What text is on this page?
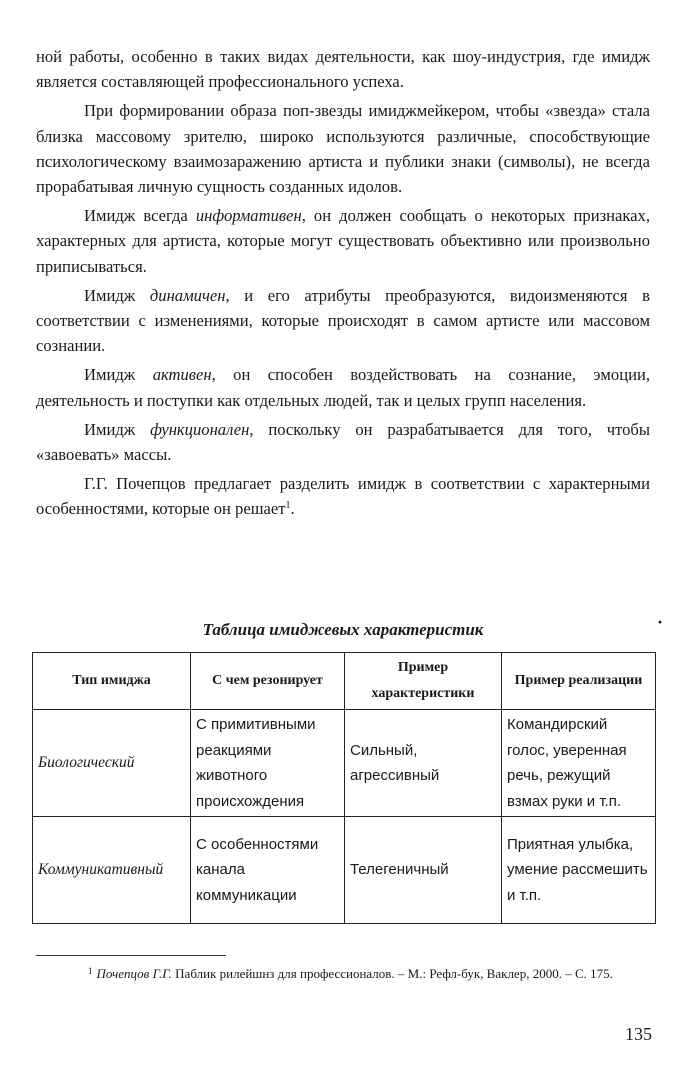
ной работы, особенно в таких видах деятельности, как шоу-индустрия, где имидж является составляющей профессионального успеха.

При формировании образа поп-звезды имиджмейкером, чтобы «звезда» стала близка массовому зрителю, широко используются различные, способствующие психологическому взаимозаражению артиста и публики знаки (символы), не всегда прорабатывая личную сущность созданных идолов.

Имидж всегда информативен, он должен сообщать о некоторых признаках, характерных для артиста, которые могут существовать объективно или произвольно приписываться.

Имидж динамичен, и его атрибуты преобразуются, видоизменяются в соответствии с изменениями, которые происходят в самом артисте или массовом сознании.

Имидж активен, он способен воздействовать на сознание, эмоции, деятельность и поступки как отдельных людей, так и целых групп населения.

Имидж функционален, поскольку он разрабатывается для того, чтобы «завоевать» массы.

Г.Г. Почепцов предлагает разделить имидж в соответствии с характерными особенностями, которые он решает$^1$.

·
Таблица имиджевых характеристик
Тип имиджа	С чем резонирует	Пример характеристики	Пример реализации
Биологический	С примитивными реакциями животного происхождения	Сильный, агрессивный	Командирский голос, уверенная речь, режущий взмах руки и т.п.
Коммуникативный	С особенностями канала коммуникации	Телегеничный	Приятная улыбка, умение рассмешить и т.п.
$^1$ Почепцов Г.Г. Паблик рилейшнз для профессионалов. – М.: Рефл-бук, Ваклер, 2000. – С. 175.
135
